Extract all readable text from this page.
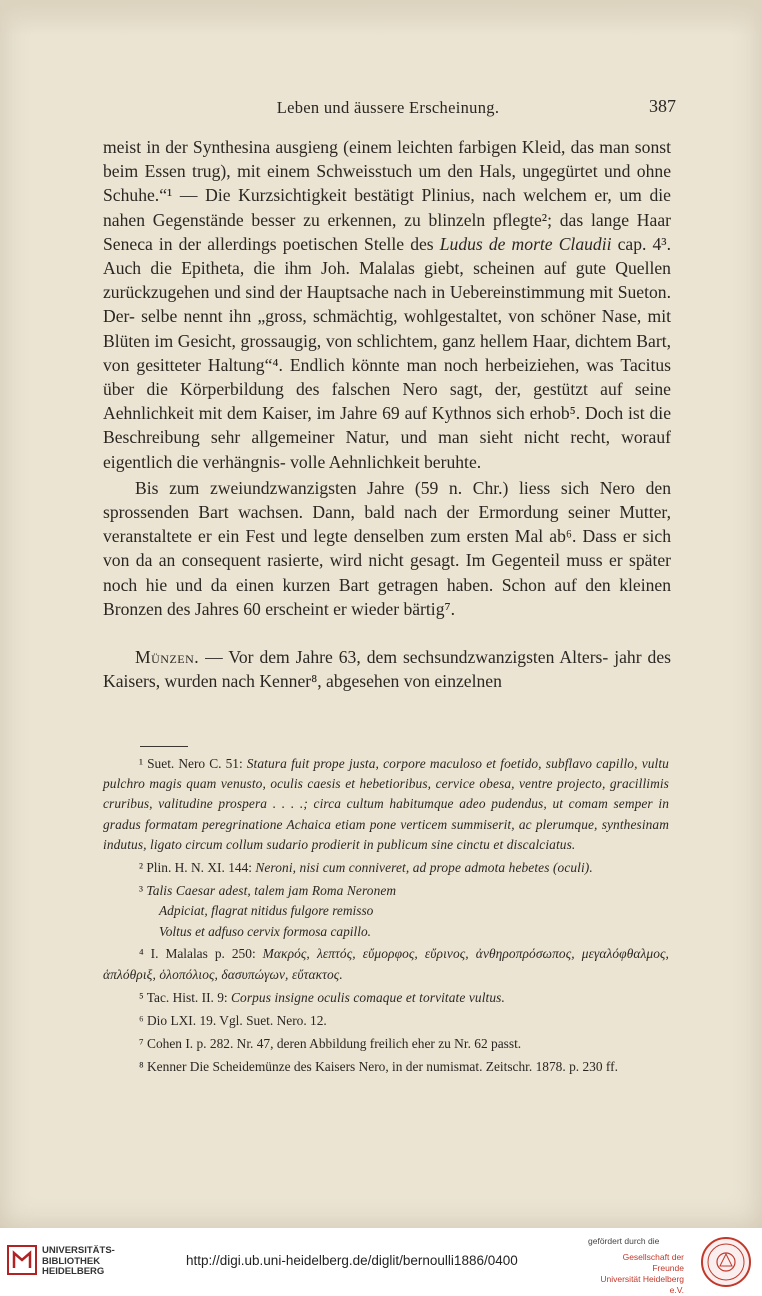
Leben und äussere Erscheinung.	387

meist in der Synthesina ausgieng (einem leichten farbigen Kleid, das man sonst beim Essen trug), mit einem Schweisstuch um den Hals, ungegürtet und ohne Schuhe.“¹ — Die Kurzsichtigkeit bestätigt Plinius, nach welchem er, um die nahen Gegenstände besser zu erkennen, zu blinzeln pflegte²; das lange Haar Seneca in der allerdings poetischen Stelle des Ludus de morte Claudii cap. 4³. Auch die Epitheta, die ihm Joh. Malalas giebt, scheinen auf gute Quellen zurückzugehen und sind der Hauptsache nach in Uebereinstimmung mit Sueton. Der- selbe nennt ihn „gross, schmächtig, wohlgestaltet, von schöner Nase, mit Blüten im Gesicht, grossaugig, von schlichtem, ganz hellem Haar, dichtem Bart, von gesitteter Haltung“⁴. Endlich könnte man noch herbeiziehen, was Tacitus über die Körperbildung des falschen Nero sagt, der, gestützt auf seine Aehnlichkeit mit dem Kaiser, im Jahre 69 auf Kythnos sich erhob⁵. Doch ist die Beschreibung sehr allgemeiner Natur, und man sieht nicht recht, worauf eigentlich die verhängnis- volle Aehnlichkeit beruhte.

Bis zum zweiundzwanzigsten Jahre (59 n. Chr.) liess sich Nero den sprossenden Bart wachsen. Dann, bald nach der Ermordung seiner Mutter, veranstaltete er ein Fest und legte denselben zum ersten Mal ab⁶. Dass er sich von da an consequent rasierte, wird nicht gesagt. Im Gegenteil muss er später noch hie und da einen kurzen Bart getragen haben. Schon auf den kleinen Bronzen des Jahres 60 erscheint er wieder bärtig⁷.

Münzen. — Vor dem Jahre 63, dem sechsundzwanzigsten Alters- jahr des Kaisers, wurden nach Kenner⁸, abgesehen von einzelnen

¹ Suet. Nero C. 51: Statura fuit prope justa, corpore maculoso et foetido, subflavo capillo, vultu pulchro magis quam venusto, oculis caesis et hebetioribus, cervice obesa, ventre projecto, gracillimis cruribus, valitudine prospera . . . .; circa cultum habitumque adeo pudendus, ut comam semper in gradus formatam peregrinatione Achaica etiam pone verticem summiserit, ac plerumque, synthesinam indutus, ligato circum collum sudario prodierit in publicum sine cinctu et discalciatus.

² Plin. H. N. XI. 144: Neroni, nisi cum conniveret, ad prope admota hebetes (oculi).

³ Talis Caesar adest, talem jam Roma Neronem

Adpiciat, flagrat nitidus fulgore remisso

Voltus et adfuso cervix formosa capillo.

⁴ I. Malalas p. 250: Μακρός, λεπτός, εὔμορφος, εὔρινος, ἀνθηροπρόσωπος, μεγαλόφθαλμος, ἁπλόθριξ, ὁλοπόλιος, δασυπώγων, εὔτακτος.

⁵ Tac. Hist. II. 9: Corpus insigne oculis comaque et torvitate vultus.

⁶ Dio LXI. 19. Vgl. Suet. Nero. 12.

⁷ Cohen I. p. 282. Nr. 47, deren Abbildung freilich eher zu Nr. 62 passt.

⁸ Kenner Die Scheidemünze des Kaisers Nero, in der numismat. Zeitschr. 1878. p. 230 ff.

UNIVERSITÄTS-
BIBLIOTHEK
HEIDELBERG
http://digi.ub.uni-heidelberg.de/diglit/bernoulli1886/0400
gefördert durch die
Gesellschaft der Freunde
Universität Heidelberg e.V.
